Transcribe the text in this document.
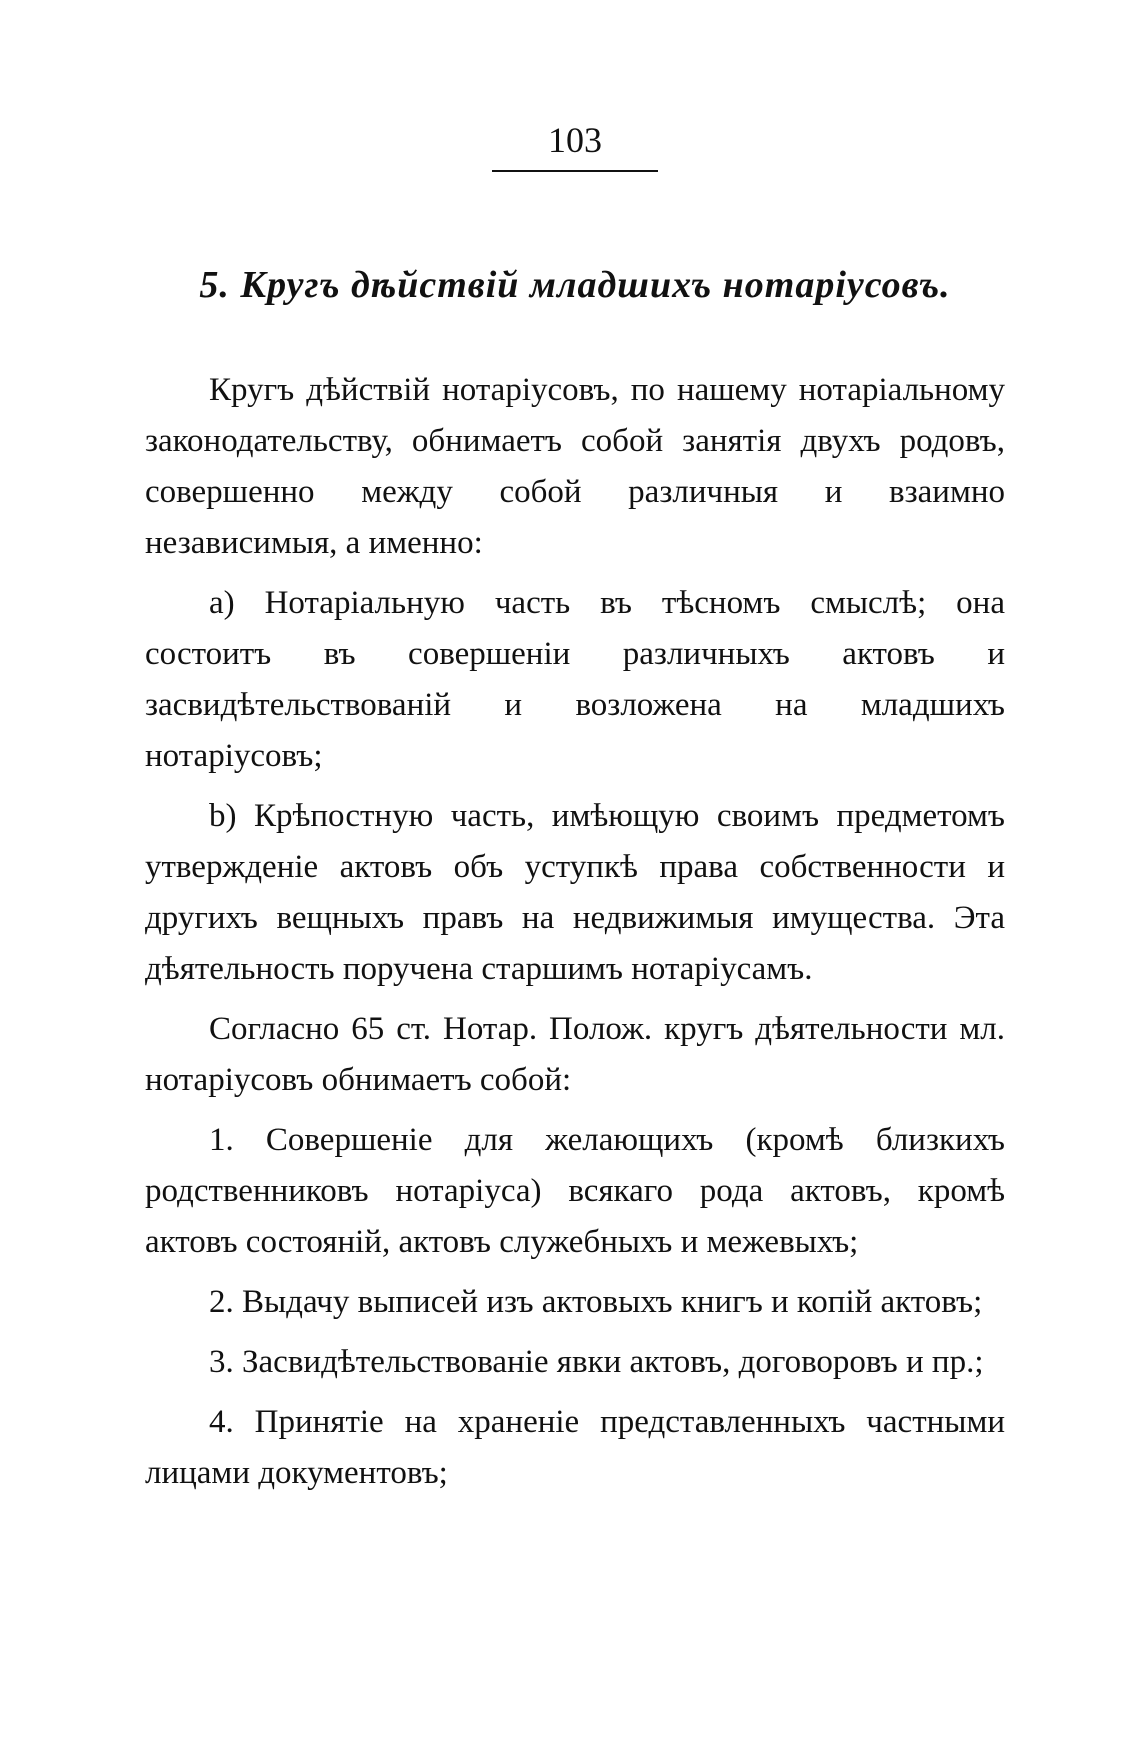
103
5. Кругъ дѣйствій младшихъ нотаріусовъ.

Кругъ дѣйствій нотаріусовъ, по нашему нотаріальному законодательству, обнимаетъ собой занятія двухъ родовъ, совершенно между собой различныя и взаимно независимыя, а именно:

a) Нотаріальную часть въ тѣсномъ смыслѣ; она состоитъ въ совершеніи различныхъ актовъ и засвидѣтельствованій и возложена на младшихъ нотаріусовъ;

b) Крѣпостную часть, имѣющую своимъ предметомъ утвержденіе актовъ объ уступкѣ права собственности и другихъ вещныхъ правъ на недвижимыя имущества. Эта дѣятельность поручена старшимъ нотаріусамъ.

Согласно 65 ст. Нотар. Полож. кругъ дѣятельности мл. нотаріусовъ обнимаетъ собой:

1. Совершеніе для желающихъ (кромѣ близкихъ родственниковъ нотаріуса) всякаго рода актовъ, кромѣ актовъ состояній, актовъ служебныхъ и межевыхъ;

2. Выдачу выписей изъ актовыхъ книгъ и копій актовъ;

3. Засвидѣтельствованіе явки актовъ, договоровъ и пр.;

4. Принятіе на храненіе представленныхъ частными лицами документовъ;
